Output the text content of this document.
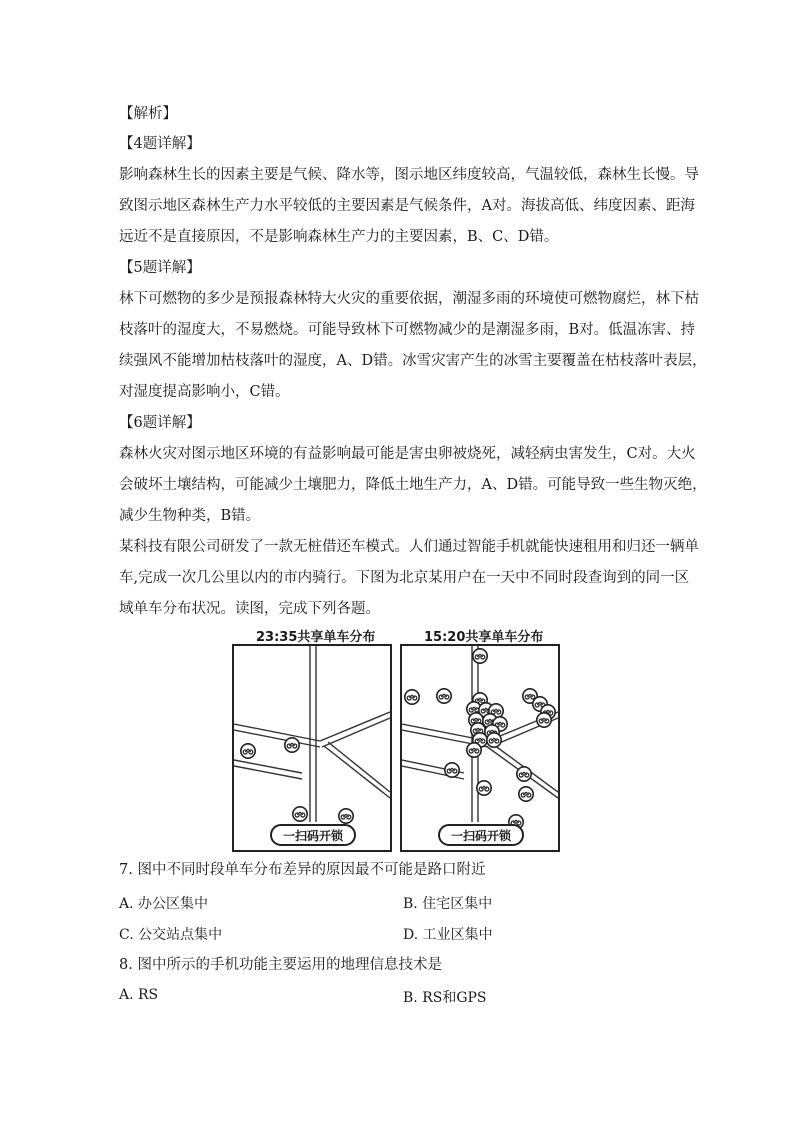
【解析】
【4题详解】
影响森林生长的因素主要是气候、降水等，图示地区纬度较高，气温较低，森林生长慢。导
致图示地区森林生产力水平较低的主要因素是气候条件，A对。海拔高低、纬度因素、距海
远近不是直接原因，不是影响森林生产力的主要因素，B、C、D错。
【5题详解】
林下可燃物的多少是预报森林特大火灾的重要依据，潮湿多雨的环境使可燃物腐烂，林下枯
枝落叶的湿度大，不易燃烧。可能导致林下可燃物减少的是潮湿多雨，B对。低温冻害、持
续强风不能增加枯枝落叶的湿度，A、D错。冰雪灾害产生的冰雪主要覆盖在枯枝落叶表层，
对湿度提高影响小，C错。
【6题详解】
森林火灾对图示地区环境的有益影响最可能是害虫卵被烧死，减轻病虫害发生，C对。大火
会破坏土壤结构，可能减少土壤肥力，降低土地生产力，A、D错。可能导致一些生物灭绝，
减少生物种类，B错。
某科技有限公司研发了一款无桩借还车模式。人们通过智能手机就能快速租用和归还一辆单
车,完成一次几公里以内的市内骑行。下图为北京某用户在一天中不同时段查询到的同一区
域单车分布状况。读图，完成下列各题。
23:35共享单车分布	15:20共享单车分布
一扫码开锁	一扫码开锁
7. 图中不同时段单车分布差异的原因最不可能是路口附近
A. 办公区集中	B. 住宅区集中
C. 公交站点集中	D. 工业区集中
8. 图中所示的手机功能主要运用的地理信息技术是
A. RS	B. RS和GPS
